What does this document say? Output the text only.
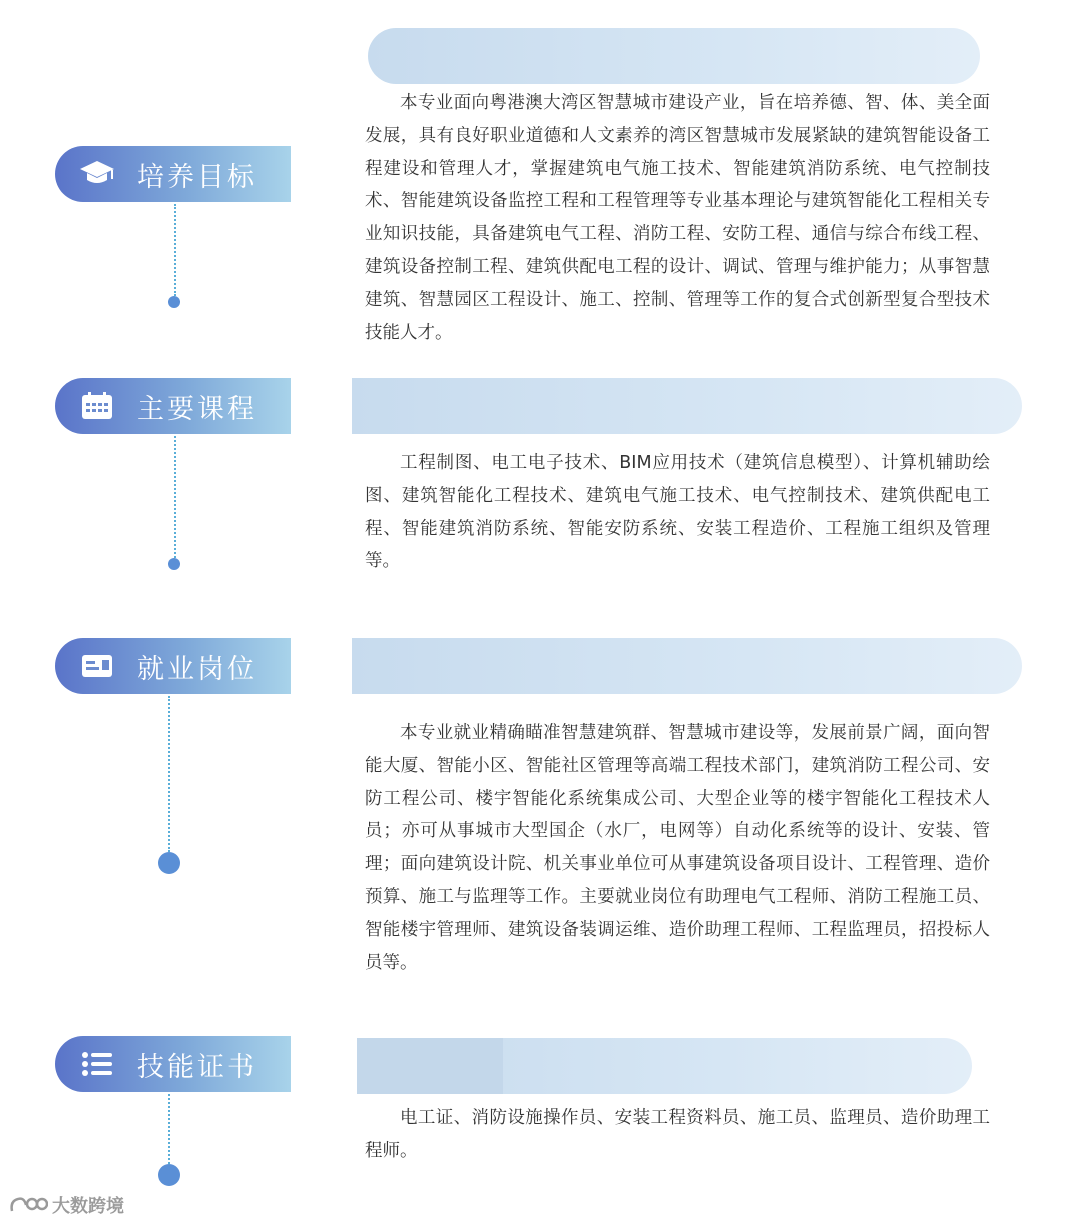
培养目标

本专业面向粤港澳大湾区智慧城市建设产业，旨在培养德、智、体、美全面发展，具有良好职业道德和人文素养的湾区智慧城市发展紧缺的建筑智能设备工程建设和管理人才，掌握建筑电气施工技术、智能建筑消防系统、电气控制技术、智能建筑设备监控工程和工程管理等专业基本理论与建筑智能化工程相关专业知识技能，具备建筑电气工程、消防工程、安防工程、通信与综合布线工程、建筑设备控制工程、建筑供配电工程的设计、调试、管理与维护能力；从事智慧建筑、智慧园区工程设计、施工、控制、管理等工作的复合式创新型复合型技术技能人才。

主要课程

工程制图、电工电子技术、BIM应用技术（建筑信息模型）、计算机辅助绘图、建筑智能化工程技术、建筑电气施工技术、电气控制技术、建筑供配电工程、智能建筑消防系统、智能安防系统、安装工程造价、工程施工组织及管理等。

就业岗位

本专业就业精确瞄准智慧建筑群、智慧城市建设等，发展前景广阔，面向智能大厦、智能小区、智能社区管理等高端工程技术部门，建筑消防工程公司、安防工程公司、楼宇智能化系统集成公司、大型企业等的楼宇智能化工程技术人员；亦可从事城市大型国企（水厂，电网等）自动化系统等的设计、安装、管理；面向建筑设计院、机关事业单位可从事建筑设备项目设计、工程管理、造价预算、施工与监理等工作。主要就业岗位有助理电气工程师、消防工程施工员、智能楼宇管理师、建筑设备装调运维、造价助理工程师、工程监理员，招投标人员等。

技能证书

电工证、消防设施操作员、安装工程资料员、施工员、监理员、造价助理工程师。

大数跨境
